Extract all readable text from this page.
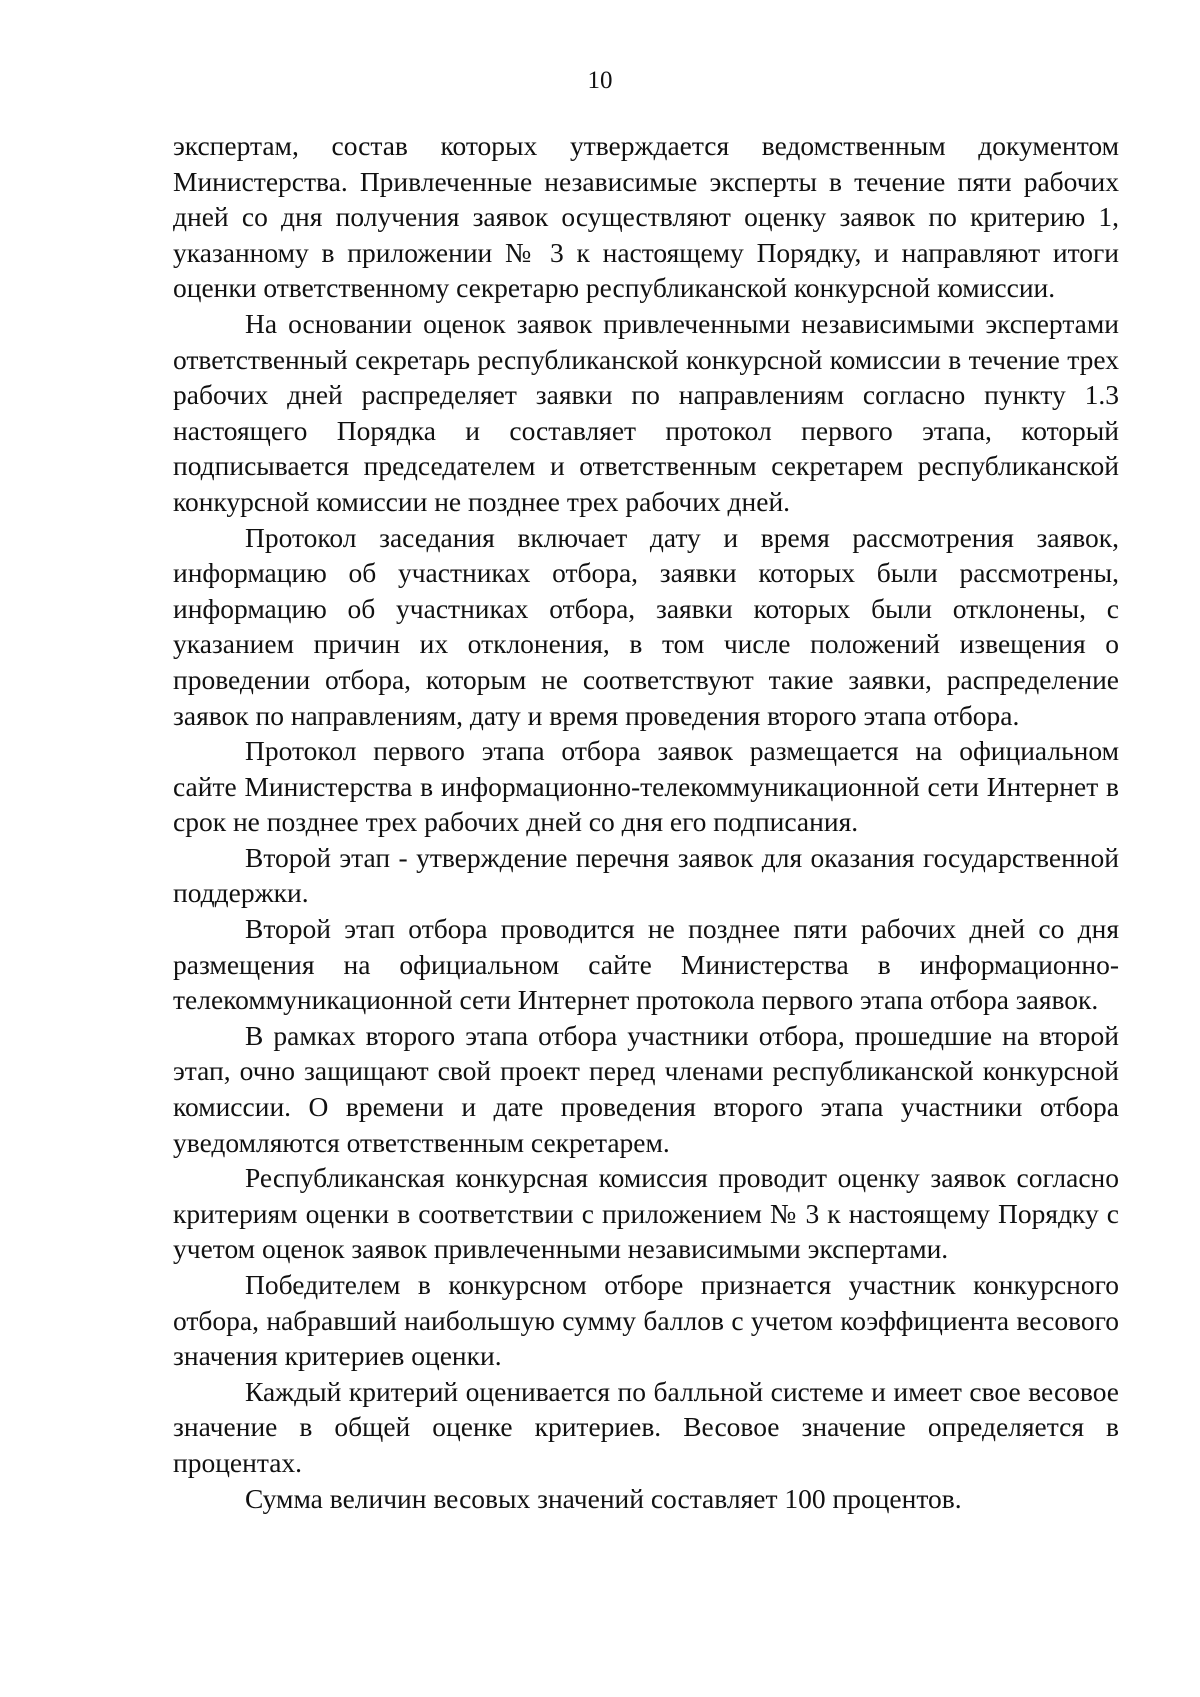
10

экспертам, состав которых утверждается ведомственным документом Министерства. Привлеченные независимые эксперты в течение пяти рабочих дней со дня получения заявок осуществляют оценку заявок по критерию 1, указанному в приложении № 3 к настоящему Порядку, и направляют итоги оценки ответственному секретарю республиканской конкурсной комиссии.

На основании оценок заявок привлеченными независимыми экспертами ответственный секретарь республиканской конкурсной комиссии в течение трех рабочих дней распределяет заявки по направлениям согласно пункту 1.3 настоящего Порядка и составляет протокол первого этапа, который подписывается председателем и ответственным секретарем республиканской конкурсной комиссии не позднее трех рабочих дней.

Протокол заседания включает дату и время рассмотрения заявок, информацию об участниках отбора, заявки которых были рассмотрены, информацию об участниках отбора, заявки которых были отклонены, с указанием причин их отклонения, в том числе положений извещения о проведении отбора, которым не соответствуют такие заявки, распределение заявок по направлениям, дату и время проведения второго этапа отбора.

Протокол первого этапа отбора заявок размещается на официальном сайте Министерства в информационно-телекоммуникационной сети Интернет в срок не позднее трех рабочих дней со дня его подписания.

Второй этап - утверждение перечня заявок для оказания государственной поддержки.

Второй этап отбора проводится не позднее пяти рабочих дней со дня размещения на официальном сайте Министерства в информационно-телекоммуникационной сети Интернет протокола первого этапа отбора заявок.

В рамках второго этапа отбора участники отбора, прошедшие на второй этап, очно защищают свой проект перед членами республиканской конкурсной комиссии. О времени и дате проведения второго этапа участники отбора уведомляются ответственным секретарем.

Республиканская конкурсная комиссия проводит оценку заявок согласно критериям оценки в соответствии с приложением № 3 к настоящему Порядку с учетом оценок заявок привлеченными независимыми экспертами.

Победителем в конкурсном отборе признается участник конкурсного отбора, набравший наибольшую сумму баллов с учетом коэффициента весового значения критериев оценки.

Каждый критерий оценивается по балльной системе и имеет свое весовое значение в общей оценке критериев. Весовое значение определяется в процентах.

Сумма величин весовых значений составляет 100 процентов.
